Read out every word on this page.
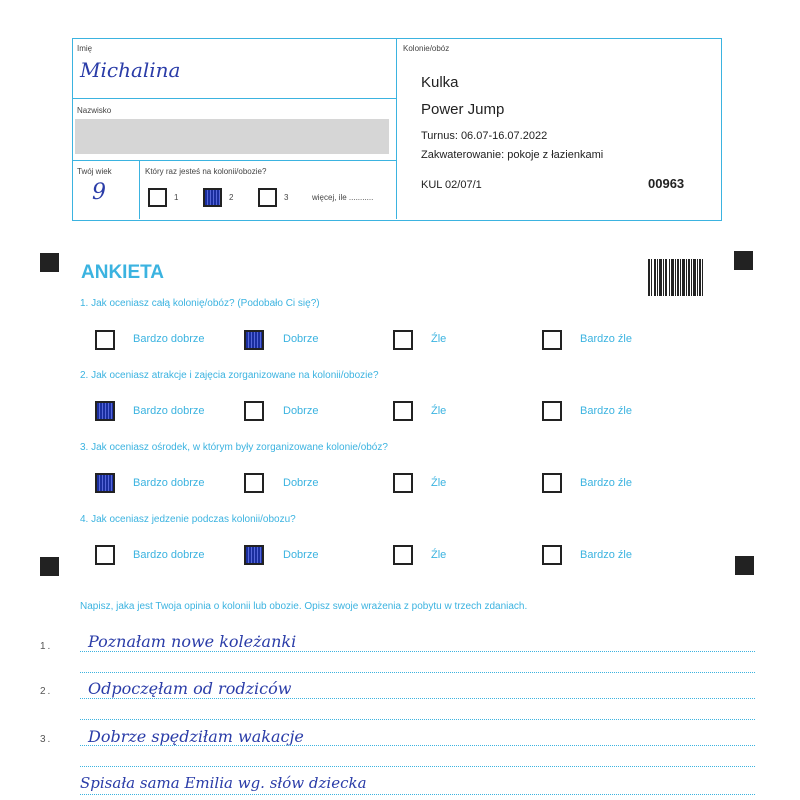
Imię
Michalina
Nazwisko
Twój wiek
9
Który raz jesteś na kolonii/obozie?
1	2	3	więcej, ile ...........
Kolonie/obóz
Kulka
Power Jump
Turnus: 06.07-16.07.2022
Zakwaterowanie: pokoje z łazienkami
KUL 02/07/1	00963
ANKIETA
1. Jak oceniasz całą kolonię/obóz? (Podobało Ci się?)
Bardzo dobrze	Dobrze	Źle	Bardzo źle
2. Jak oceniasz atrakcje i zajęcia zorganizowane na kolonii/obozie?
Bardzo dobrze	Dobrze	Źle	Bardzo źle
3. Jak oceniasz ośrodek, w którym były zorganizowane kolonie/obóz?
Bardzo dobrze	Dobrze	Źle	Bardzo źle
4. Jak oceniasz jedzenie podczas kolonii/obozu?
Bardzo dobrze	Dobrze	Źle	Bardzo źle
Napisz, jaka jest Twoja opinia o kolonii lub obozie. Opisz swoje wrażenia z pobytu w trzech zdaniach.
1. Poznałam nowe koleżanki
2. Odpoczęłam od rodziców
3. Dobrze spędziłam wakacje
Spisała sama Emilia wg. słów dziecka
